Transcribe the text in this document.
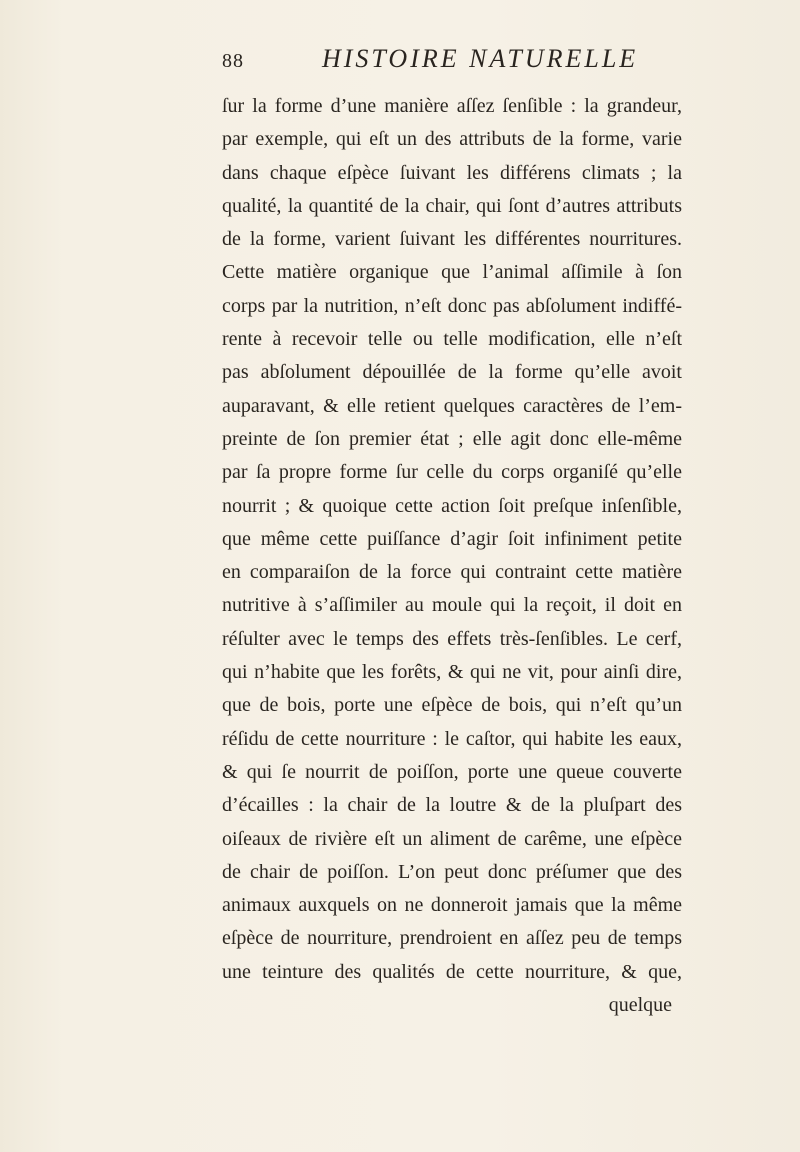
88	HISTOIRE NATURELLE
ſur la forme d’une manière aſſez ſenſible : la grandeur,
par exemple, qui eſt un des attributs de la forme, varie
dans chaque eſpèce ſuivant les différens climats ; la
qualité, la quantité de la chair, qui ſont d’autres attributs
de la forme, varient ſuivant les différentes nourritures.
Cette matière organique que l’animal aſſimile à ſon
corps par la nutrition, n’eſt donc pas abſolument indiffé-
rente à recevoir telle ou telle modification, elle n’eſt
pas abſolument dépouillée de la forme qu’elle avoit
auparavant, & elle retient quelques caractères de l’em-
preinte de ſon premier état ; elle agit donc elle-même
par ſa propre forme ſur celle du corps organiſé qu’elle
nourrit ; & quoique cette action ſoit preſque inſenſible,
que même cette puiſſance d’agir ſoit infiniment petite
en comparaiſon de la force qui contraint cette matière
nutritive à s’aſſimiler au moule qui la reçoit, il doit en
réſulter avec le temps des effets très-ſenſibles. Le cerf,
qui n’habite que les forêts, & qui ne vit, pour ainſi dire,
que de bois, porte une eſpèce de bois, qui n’eſt qu’un
réſidu de cette nourriture : le caſtor, qui habite les eaux,
& qui ſe nourrit de poiſſon, porte une queue couverte
d’écailles : la chair de la loutre & de la pluſpart des
oiſeaux de rivière eſt un aliment de carême, une eſpèce
de chair de poiſſon. L’on peut donc préſumer que des
animaux auxquels on ne donneroit jamais que la même
eſpèce de nourriture, prendroient en aſſez peu de temps
une teinture des qualités de cette nourriture, & que,
quelque
